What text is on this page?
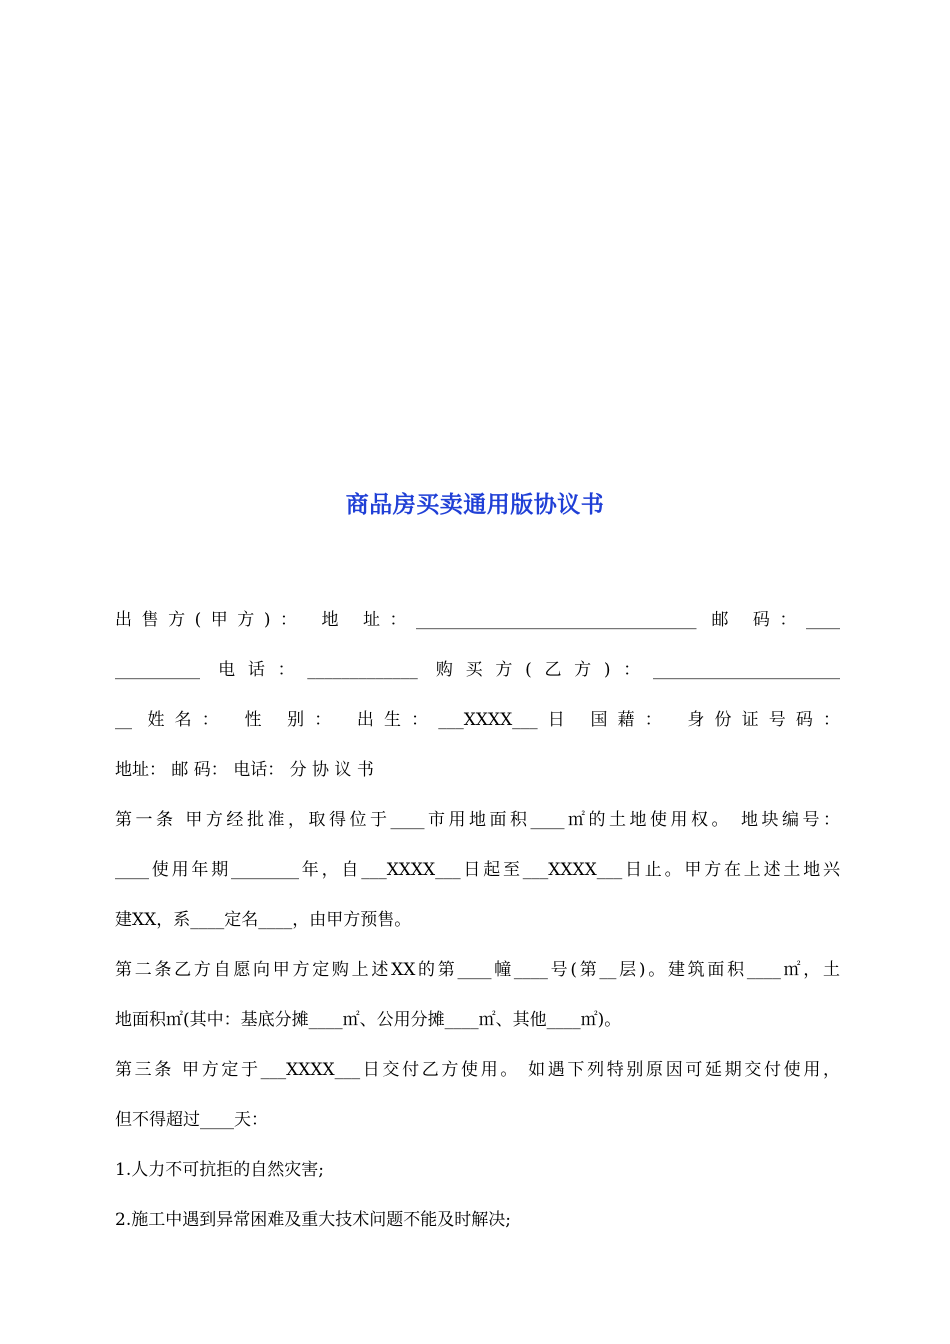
商品房买卖通用版协议书
出售方(甲方)： 地 址：_________________________________ 邮 码：____
__________ 电话：_____________ 购买方(乙方)：______________________
__ 姓名： 性 别： 出生：___XXXX___日 国藉： 身份证号码：
地址： 邮 码： 电话： 分 协 议 书
第一条 甲方经批准，取得位于____市用地面积____㎡的土地使用权。 地块编号：
____使用年期________年，自___XXXX___日起至___XXXX___日止。甲方在上述土地兴
建XX，系____定名____，由甲方预售。
第二条乙方自愿向甲方定购上述XX的第____幢____号(第__层)。建筑面积____㎡，土
地面积㎡(其中：基底分摊____㎡、公用分摊____㎡、其他____㎡)。
第三条 甲方定于___XXXX___日交付乙方使用。 如遇下列特别原因可延期交付使用，
但不得超过____天：
1.人力不可抗拒的自然灾害;
2.施工中遇到异常困难及重大技术问题不能及时解决;
